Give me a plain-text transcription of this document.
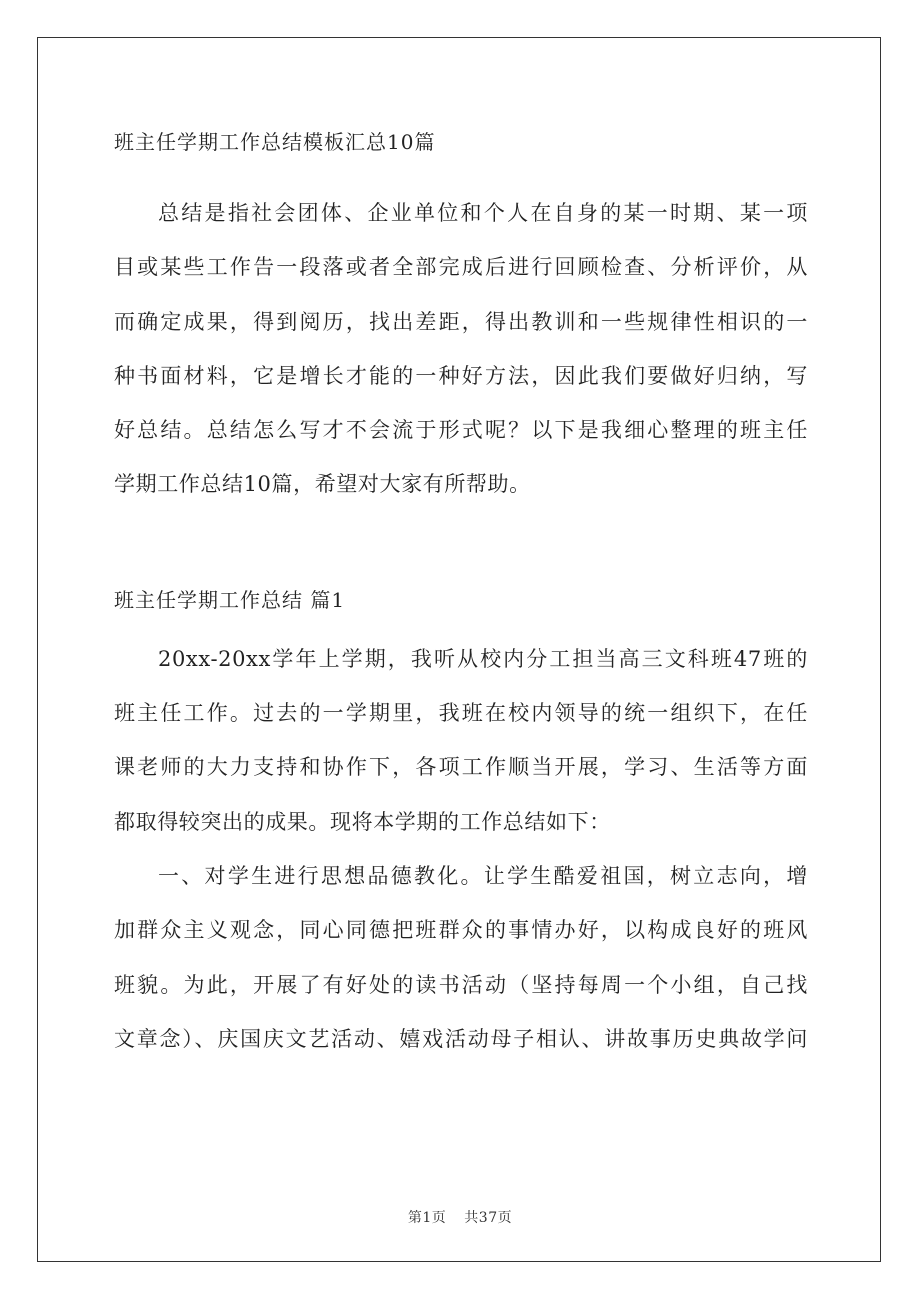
班主任学期工作总结模板汇总10篇

总结是指社会团体、企业单位和个人在自身的某一时期、某一项
目或某些工作告一段落或者全部完成后进行回顾检查、分析评价，从
而确定成果，得到阅历，找出差距，得出教训和一些规律性相识的一
种书面材料，它是增长才能的一种好方法，因此我们要做好归纳，写
好总结。总结怎么写才不会流于形式呢？以下是我细心整理的班主任
学期工作总结10篇，希望对大家有所帮助。

班主任学期工作总结 篇1

20xx-20xx学年上学期，我听从校内分工担当高三文科班47班的
班主任工作。过去的一学期里，我班在校内领导的统一组织下，在任
课老师的大力支持和协作下，各项工作顺当开展，学习、生活等方面
都取得较突出的成果。现将本学期的工作总结如下：

一、对学生进行思想品德教化。让学生酷爱祖国，树立志向，增
加群众主义观念，同心同德把班群众的事情办好，以构成良好的班风
班貌。为此，开展了有好处的读书活动（坚持每周一个小组，自己找
文章念）、庆国庆文艺活动、嬉戏活动母子相认、讲故事历史典故学问

第1页 共37页
